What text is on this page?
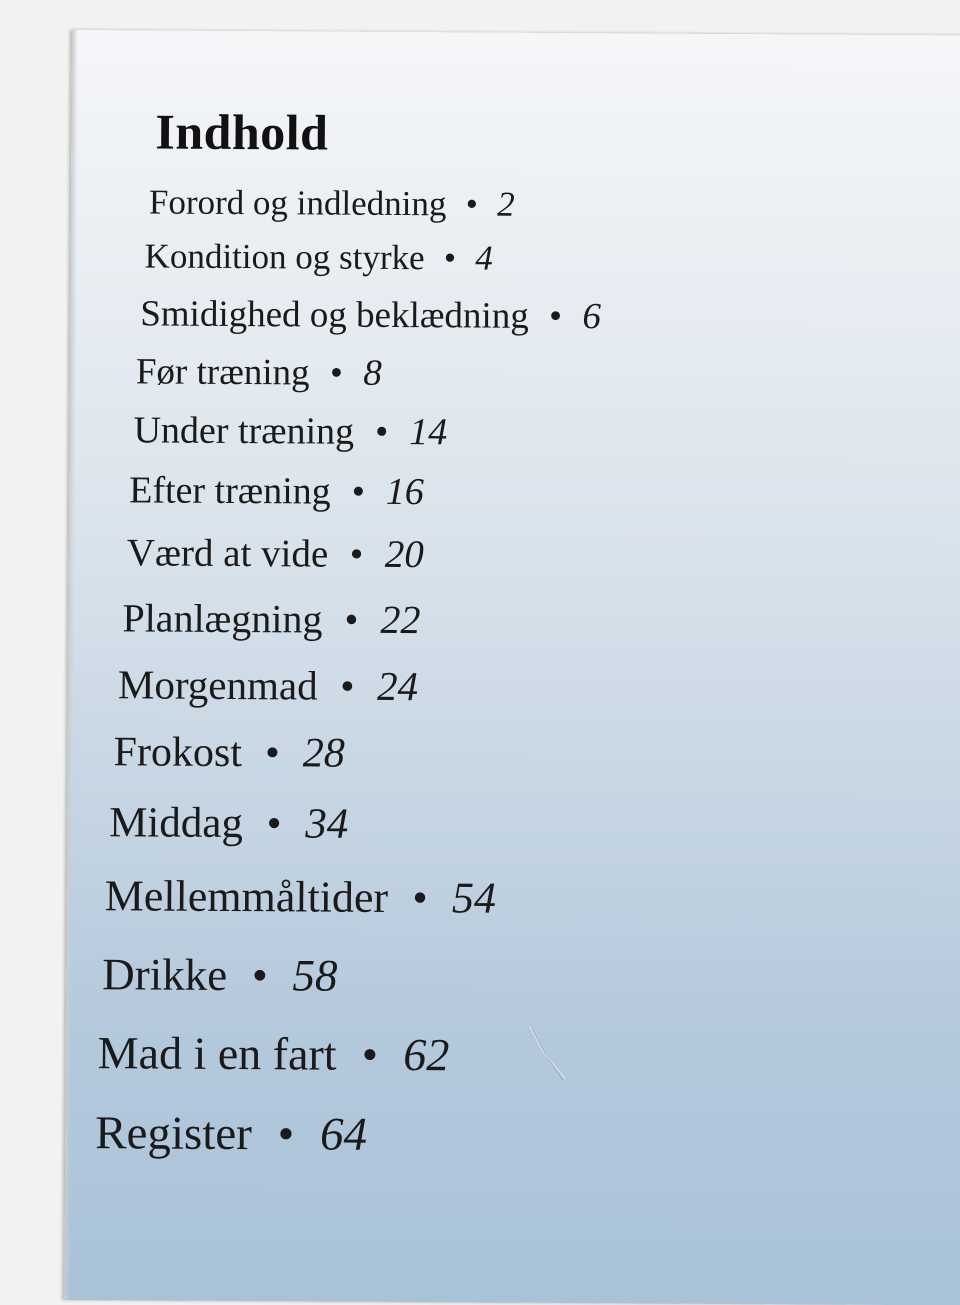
Indhold
Forord og indledning • 2
Kondition og styrke • 4
Smidighed og beklædning • 6
Før træning • 8
Under træning • 14
Efter træning • 16
Værd at vide • 20
Planlægning • 22
Morgenmad • 24
Frokost • 28
Middag • 34
Mellemmåltider • 54
Drikke • 58
Mad i en fart • 62
Register • 64
